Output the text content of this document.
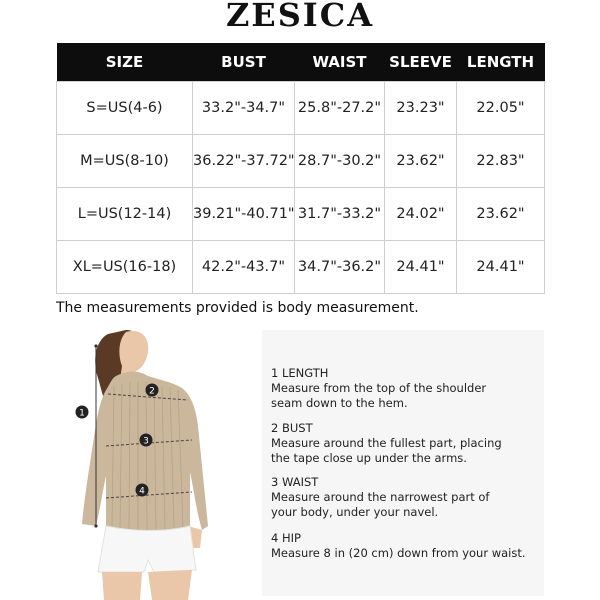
ZESICA
SIZE	BUST	WAIST	SLEEVE	LENGTH
S=US(4-6)	33.2"-34.7"	25.8"-27.2"	23.23"	22.05"
M=US(8-10)	36.22"-37.72"	28.7"-30.2"	23.62"	22.83"
L=US(12-14)	39.21"-40.71"	31.7"-33.2"	24.02"	23.62"
XL=US(16-18)	42.2"-43.7"	34.7"-36.2"	24.41"	24.41"
The measurements provided is body measurement.
1
2
3
4
1 LENGTH
Measure from the top of the shoulder
seam down to the hem.
2 BUST
Measure around the fullest part, placing
the tape close up under the arms.
3 WAIST
Measure around the narrowest part of
your body, under your navel.
4 HIP
Measure 8 in (20 cm) down from your waist.
